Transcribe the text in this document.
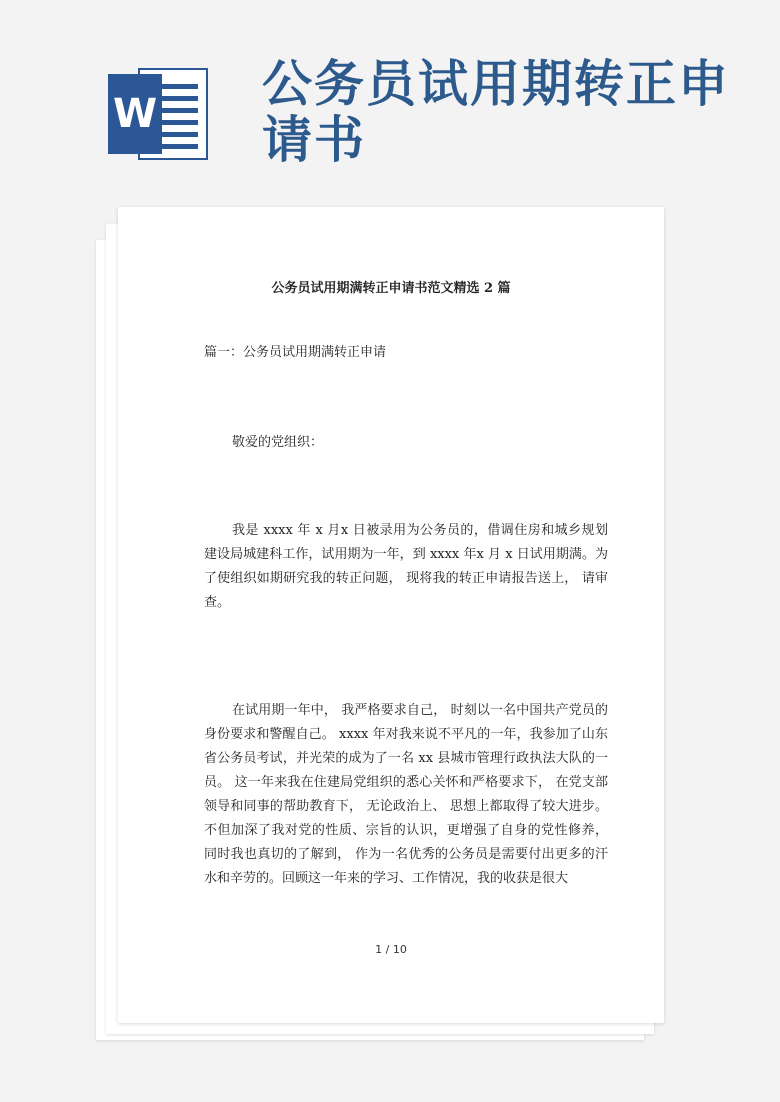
W
公务员试用期转正申请书
公务员试用期满转正申请书范文精选 2 篇
篇一：公务员试用期满转正申请
敬爱的党组织：

我是 xxxx 年 x 月x 日被录用为公务员的，借调住房和城乡规划建设局城建科工作，试用期为一年，到 xxxx 年x 月 x 日试用期满。为了使组织如期研究我的转正问题， 现将我的转正申请报告送上， 请审查。

在试用期一年中， 我严格要求自己， 时刻以一名中国共产党员的身份要求和警醒自己。 xxxx 年对我来说不平凡的一年，我参加了山东省公务员考试，并光荣的成为了一名 xx 县城市管理行政执法大队的一员。 这一年来我在住建局党组织的悉心关怀和严格要求下， 在党支部领导和同事的帮助教育下， 无论政治上、 思想上都取得了较大进步。不但加深了我对党的性质、宗旨的认识，更增强了自身的党性修养， 同时我也真切的了解到， 作为一名优秀的公务员是需要付出更多的汗水和辛劳的。回顾这一年来的学习、工作情况，我的收获是很大

1 / 10
